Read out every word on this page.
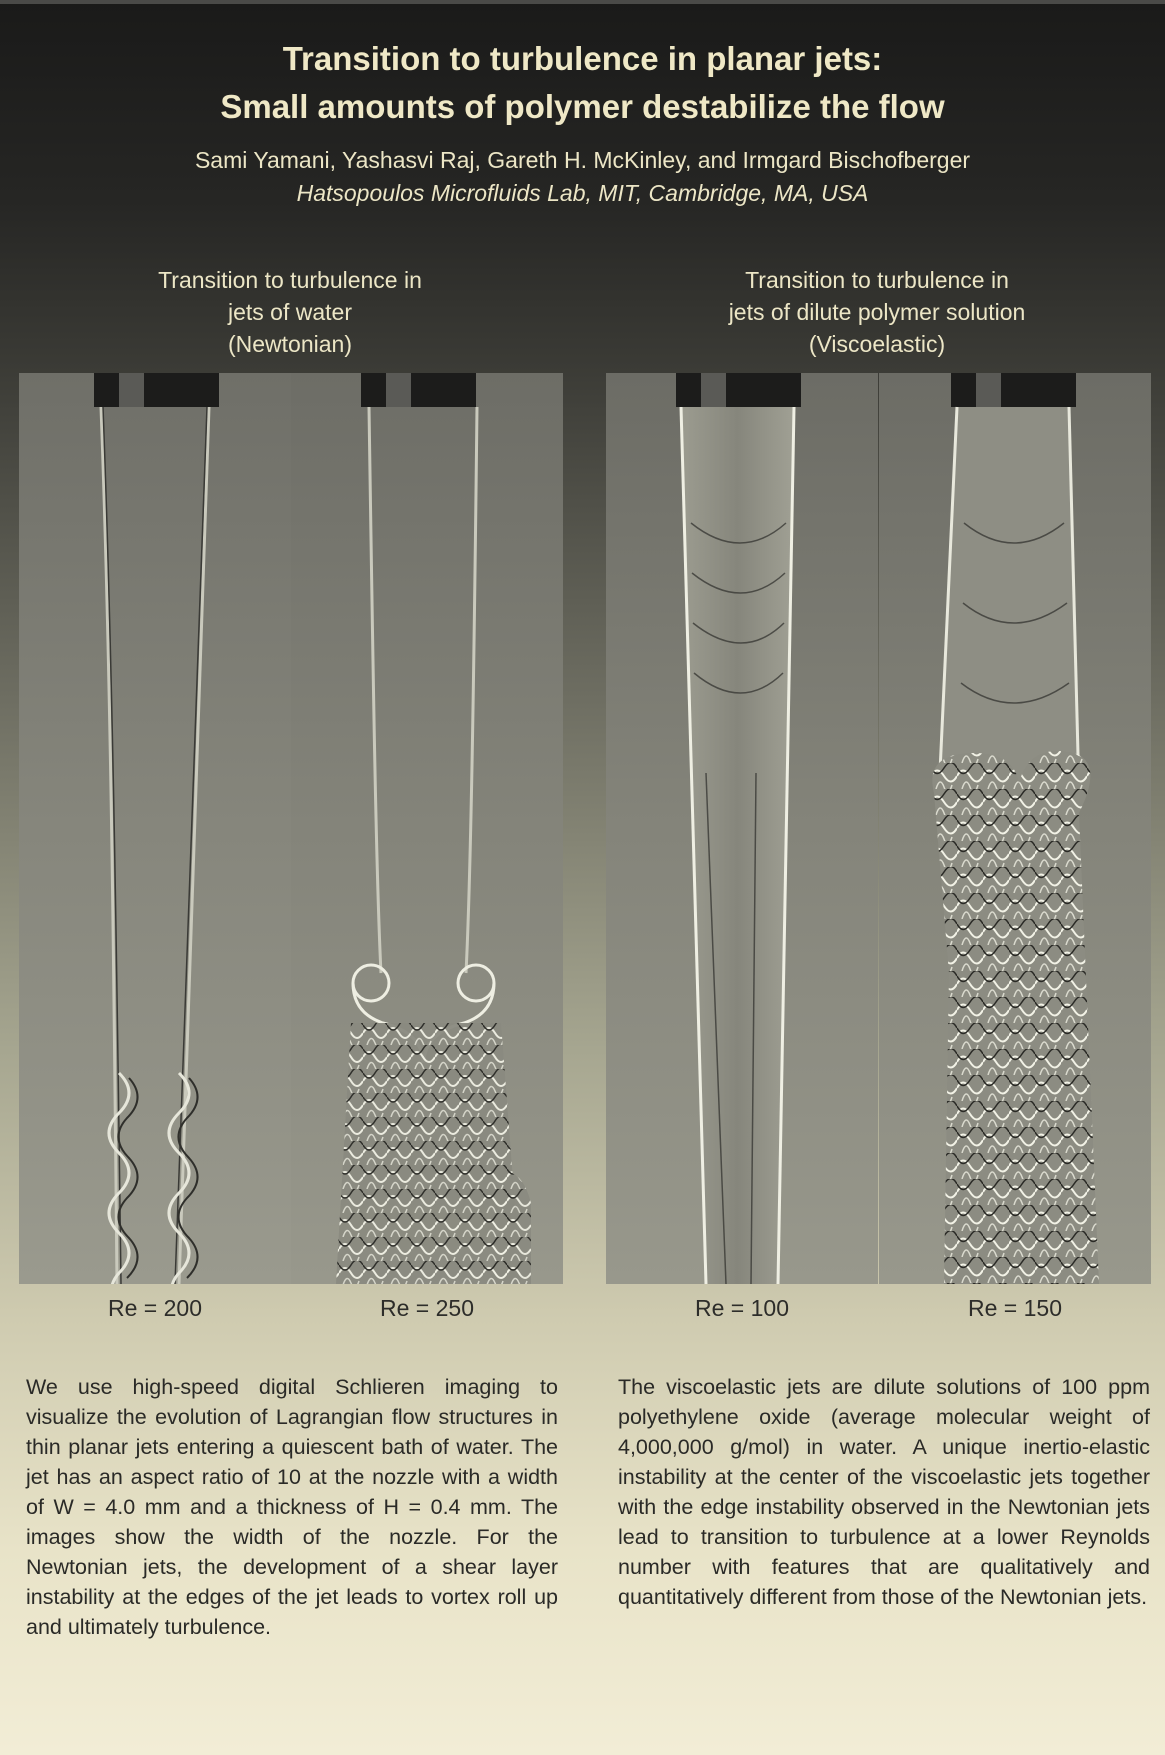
Transition to turbulence in planar jets:
Small amounts of polymer destabilize the flow
Sami Yamani, Yashasvi Raj, Gareth H. McKinley, and Irmgard Bischofberger
Hatsopoulos Microfluids Lab, MIT, Cambridge, MA, USA
Transition to turbulence in
jets of water
(Newtonian)
Transition to turbulence in
jets of dilute polymer solution
(Viscoelastic)
Re = 200	Re = 250	Re = 100	Re = 150
We use high-speed digital Schlieren imaging to visualize the evolution of Lagrangian flow structures in thin planar jets entering a quiescent bath of water. The jet has an aspect ratio of 10 at the nozzle with a width of W = 4.0 mm and a thickness of H = 0.4 mm. The images show the width of the nozzle. For the Newtonian jets, the development of a shear layer instability at the edges of the jet leads to vortex roll up and ultimately turbulence.
The viscoelastic jets are dilute solutions of 100 ppm polyethylene oxide (average molecular weight of 4,000,000 g/mol) in water. A unique inertio-elastic instability at the center of the viscoelastic jets together with the edge instability observed in the Newtonian jets lead to transition to turbulence at a lower Reynolds number with features that are qualitatively and quantitatively different from those of the Newtonian jets.
